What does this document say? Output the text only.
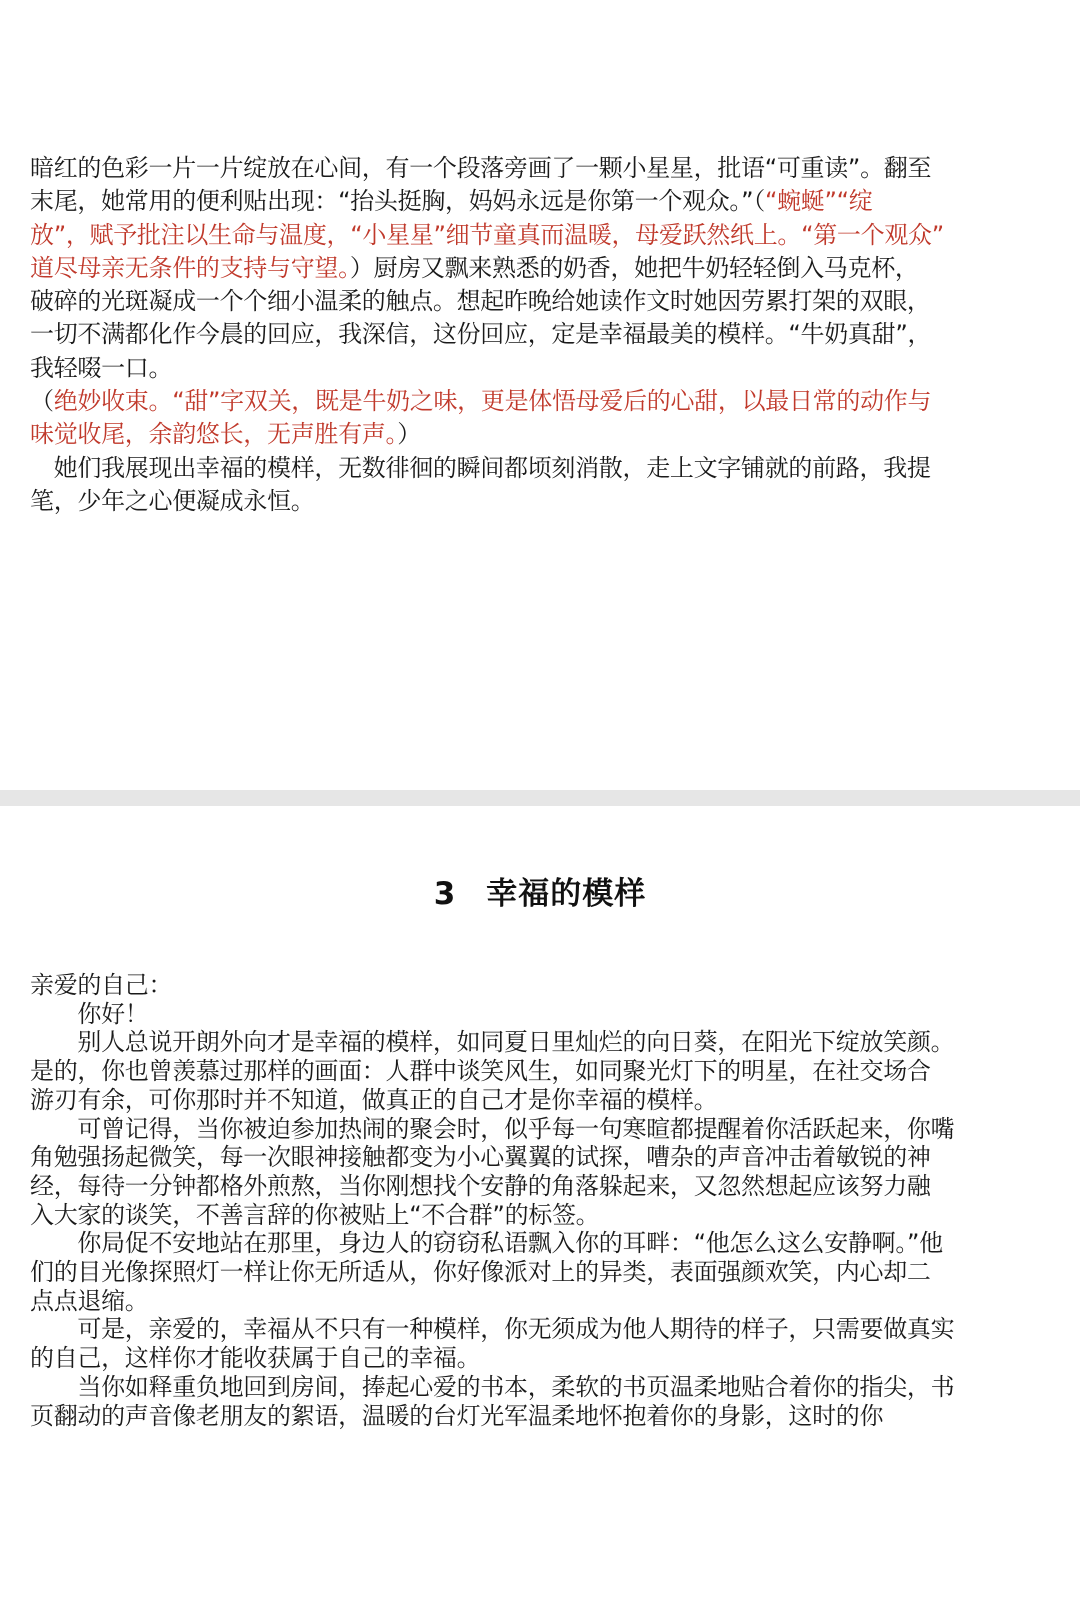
暗红的色彩一片一片绽放在心间，有一个段落旁画了一颗小星星，批语“可重读”。翻至
末尾，她常用的便利贴出现：“抬头挺胸，妈妈永远是你第一个观众。”（“蜿蜒”“绽
放”，赋予批注以生命与温度，“小星星”细节童真而温暖，母爱跃然纸上。“第一个观众”
道尽母亲无条件的支持与守望。）厨房又飘来熟悉的奶香，她把牛奶轻轻倒入马克杯，
破碎的光斑凝成一个个细小温柔的触点。想起昨晚给她读作文时她因劳累打架的双眼，
一切不满都化作今晨的回应，我深信，这份回应，定是幸福最美的模样。“牛奶真甜”，
我轻啜一口。
（绝妙收束。“甜”字双关，既是牛奶之味，更是体悟母爱后的心甜，以最日常的动作与
味觉收尾，余韵悠长，无声胜有声。）
　她们我展现出幸福的模样，无数徘徊的瞬间都顷刻消散，走上文字铺就的前路，我提
笔，少年之心便凝成永恒。
3 幸福的模样
亲爱的自己：
　　你好！
　　别人总说开朗外向才是幸福的模样，如同夏日里灿烂的向日葵，在阳光下绽放笑颜。
是的，你也曾羡慕过那样的画面：人群中谈笑风生，如同聚光灯下的明星，在社交场合
游刃有余，可你那时并不知道，做真正的自己才是你幸福的模样。
　　可曾记得，当你被迫参加热闹的聚会时，似乎每一句寒暄都提醒着你活跃起来，你嘴
角勉强扬起微笑，每一次眼神接触都变为小心翼翼的试探，嘈杂的声音冲击着敏锐的神
经，每待一分钟都格外煎熬，当你刚想找个安静的角落躲起来，又忽然想起应该努力融
入大家的谈笑，不善言辞的你被贴上“不合群”的标签。
　　你局促不安地站在那里，身边人的窃窃私语飘入你的耳畔：“他怎么这么安静啊。”他
们的目光像探照灯一样让你无所适从，你好像派对上的异类，表面强颜欢笑，内心却二
点点退缩。
　　可是，亲爱的，幸福从不只有一种模样，你无须成为他人期待的样子，只需要做真实
的自己，这样你才能收获属于自己的幸福。
　　当你如释重负地回到房间，捧起心爱的书本，柔软的书页温柔地贴合着你的指尖，书
页翻动的声音像老朋友的絮语，温暖的台灯光军温柔地怀抱着你的身影，这时的你
